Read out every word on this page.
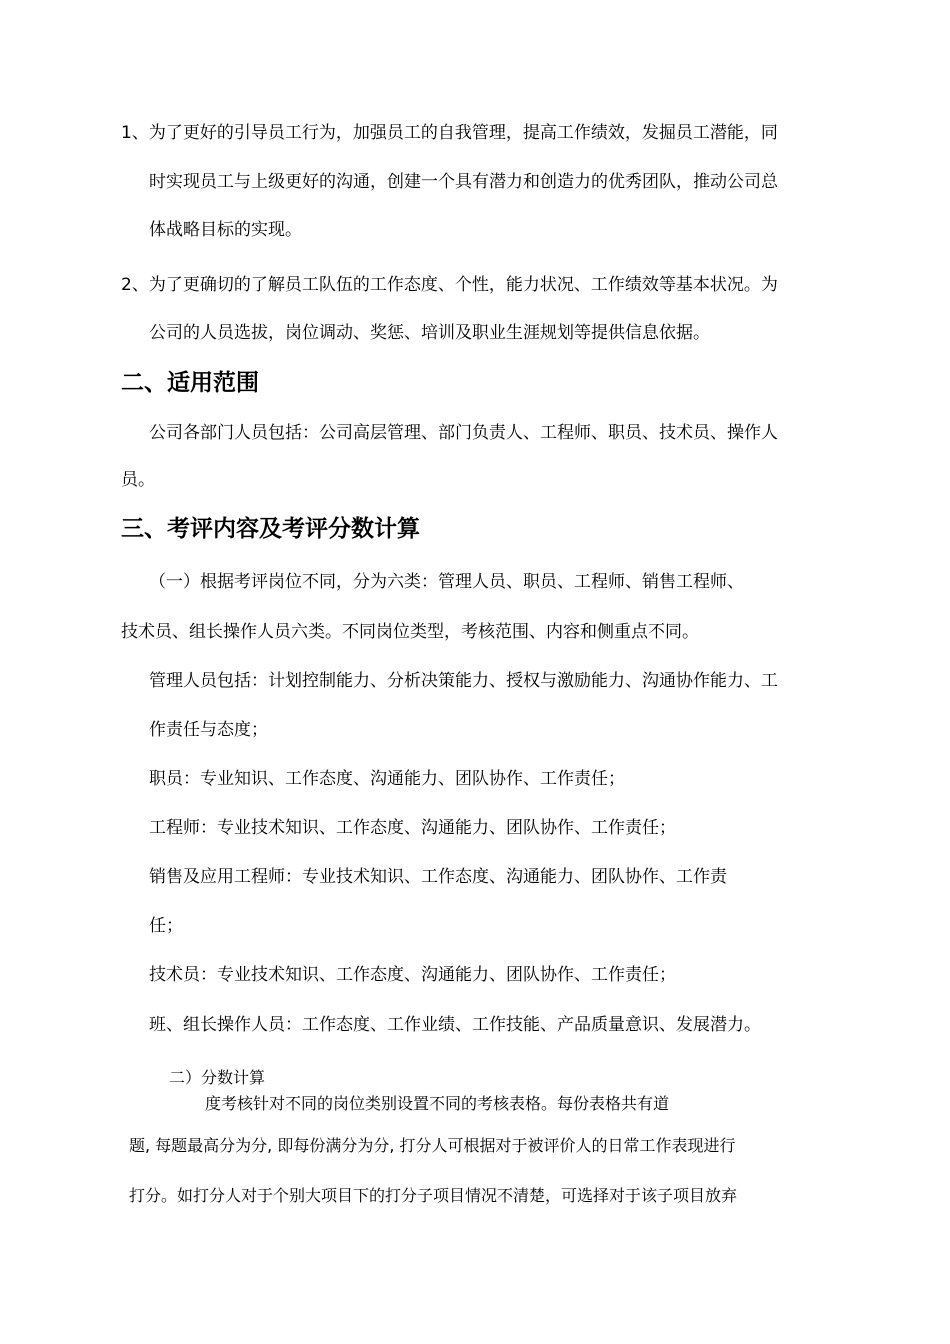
1、为了更好的引导员工行为，加强员工的自我管理，提高工作绩效，发掘员工潜能，同

时实现员工与上级更好的沟通，创建一个具有潜力和创造力的优秀团队，推动公司总

体战略目标的实现。

2、为了更确切的了解员工队伍的工作态度、个性，能力状况、工作绩效等基本状况。为

公司的人员选拔，岗位调动、奖惩、培训及职业生涯规划等提供信息依据。

二、适用范围

公司各部门人员包括：公司高层管理、部门负责人、工程师、职员、技术员、操作人

员。

三、考评内容及考评分数计算

（一）根据考评岗位不同，分为六类：管理人员、职员、工程师、销售工程师、

技术员、组长操作人员六类。不同岗位类型，考核范围、内容和侧重点不同。

管理人员包括：计划控制能力、分析决策能力、授权与激励能力、沟通协作能力、工

作责任与态度；

职员：专业知识、工作态度、沟通能力、团队协作、工作责任；

工程师：专业技术知识、工作态度、沟通能力、团队协作、工作责任；

销售及应用工程师：专业技术知识、工作态度、沟通能力、团队协作、工作责

任；

技术员：专业技术知识、工作态度、沟通能力、团队协作、工作责任；

班、组长操作人员：工作态度、工作业绩、工作技能、产品质量意识、发展潜力。

二）分数计算

度考核针对不同的岗位类别设置不同的考核表格。每份表格共有道

题, 每题最高分为分, 即每份满分为分, 打分人可根据对于被评价人的日常工作表现进行

打分。如打分人对于个别大项目下的打分子项目情况不清楚，可选择对于该子项目放弃
